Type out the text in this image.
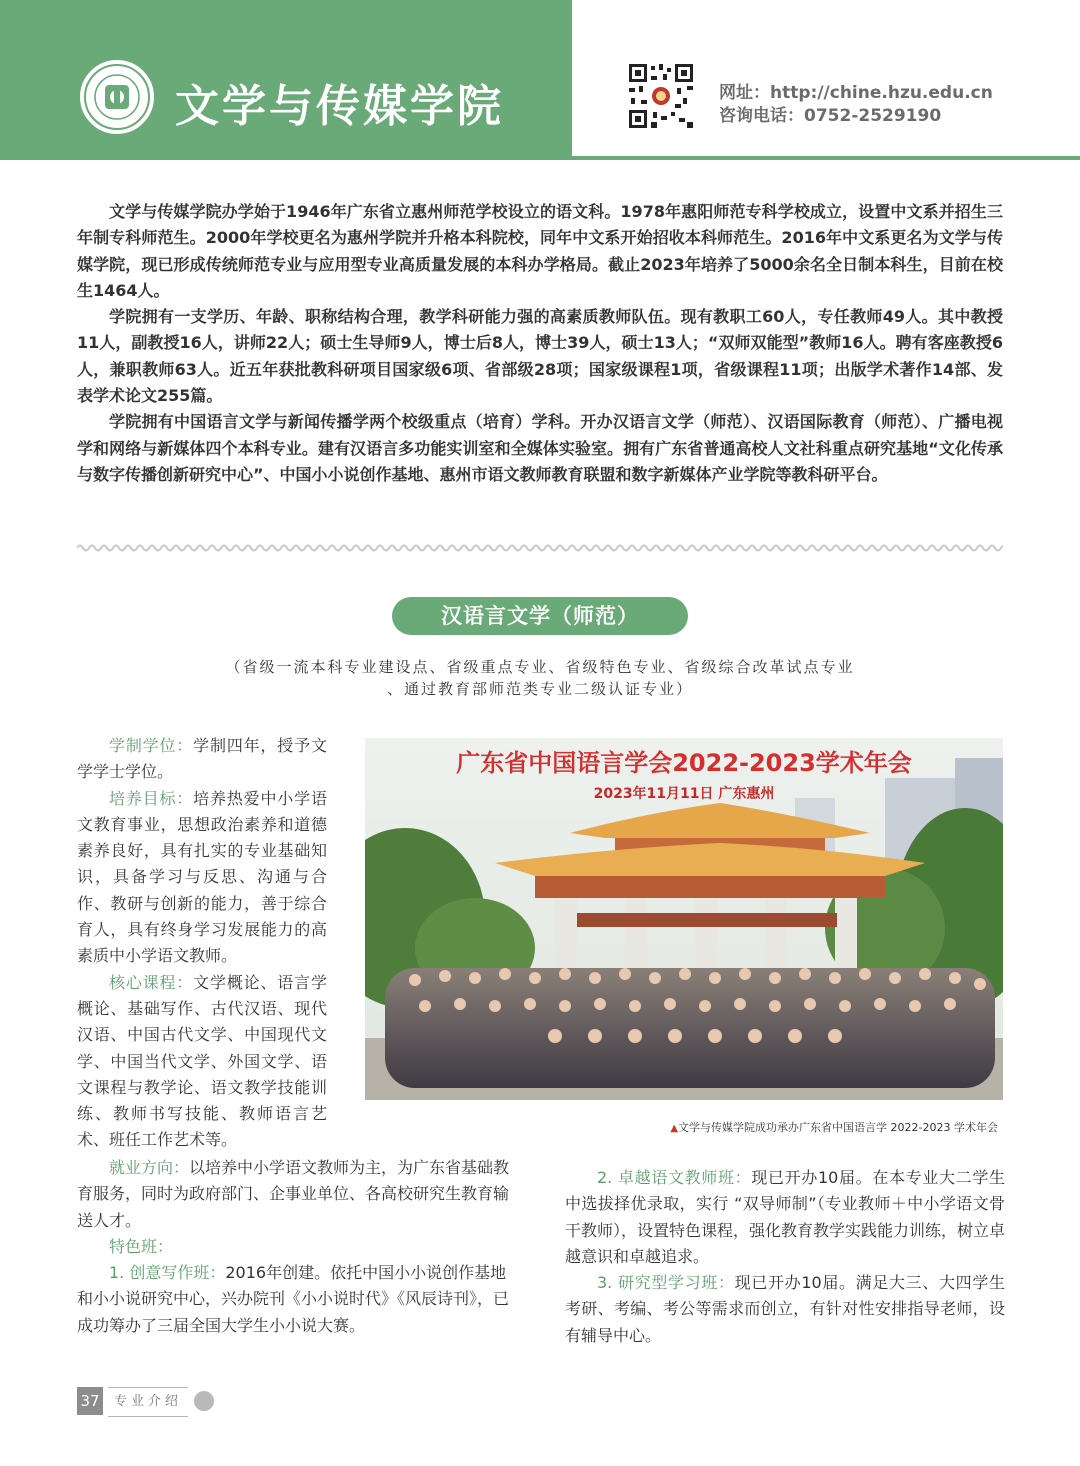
文学与传媒学院	网址：http://chine.hzu.edu.cn
咨询电话：0752-2529190

文学与传媒学院办学始于1946年广东省立惠州师范学校设立的语文科。1978年惠阳师范专科学校成立，设置中文系并招生三年制专科师范生。2000年学校更名为惠州学院并升格本科院校，同年中文系开始招收本科师范生。2016年中文系更名为文学与传媒学院，现已形成传统师范专业与应用型专业高质量发展的本科办学格局。截止2023年培养了5000余名全日制本科生，目前在校生1464人。

学院拥有一支学历、年龄、职称结构合理，教学科研能力强的高素质教师队伍。现有教职工60人，专任教师49人。其中教授11人，副教授16人，讲师22人；硕士生导师9人，博士后8人，博士39人，硕士13人；“双师双能型”教师16人。聘有客座教授6人，兼职教师63人。近五年获批教科研项目国家级6项、省部级28项；国家级课程1项，省级课程11项；出版学术著作14部、发表学术论文255篇。

学院拥有中国语言文学与新闻传播学两个校级重点（培育）学科。开办汉语言文学（师范）、汉语国际教育（师范）、广播电视学和网络与新媒体四个本科专业。建有汉语言多功能实训室和全媒体实验室。拥有广东省普通高校人文社科重点研究基地“文化传承与数字传播创新研究中心”、中国小小说创作基地、惠州市语文教师教育联盟和数字新媒体产业学院等教科研平台。

汉语言文学（师范）
（省级一流本科专业建设点、省级重点专业、省级特色专业、省级综合改革试点专业
、通过教育部师范类专业二级认证专业）

学制学位：学制四年，授予文学学士学位。

培养目标：培养热爱中小学语文教育事业，思想政治素养和道德素养良好，具有扎实的专业基础知识，具备学习与反思、沟通与合作、教研与创新的能力，善于综合育人，具有终身学习发展能力的高素质中小学语文教师。

核心课程：文学概论、语言学概论、基础写作、古代汉语、现代汉语、中国古代文学、中国现代文学、中国当代文学、外国文学、语文课程与教学论、语文教学技能训练、教师书写技能、教师语言艺术、班任工作艺术等。

就业方向：以培养中小学语文教师为主，为广东省基础教育服务，同时为政府部门、企事业单位、各高校研究生教育输送人才。

特色班：

1. 创意写作班：2016年创建。依托中国小小说创作基地和小小说研究中心，兴办院刊《小小说时代》《风辰诗刊》，已成功筹办了三届全国大学生小小说大赛。

2. 卓越语文教师班：现已开办10届。在本专业大二学生中选拔择优录取，实行 “双导师制”（专业教师＋中小学语文骨干教师），设置特色课程，强化教育教学实践能力训练，树立卓越意识和卓越追求。

3. 研究型学习班：现已开办10届。满足大三、大四学生考研、考编、考公等需求而创立，有针对性安排指导老师，设有辅导中心。

广东省中国语言学会2022-2023学术年会
2023年11月11日 广东惠州
▲文学与传媒学院成功承办广东省中国语言学 2022-2023 学术年会
37	专业介绍
